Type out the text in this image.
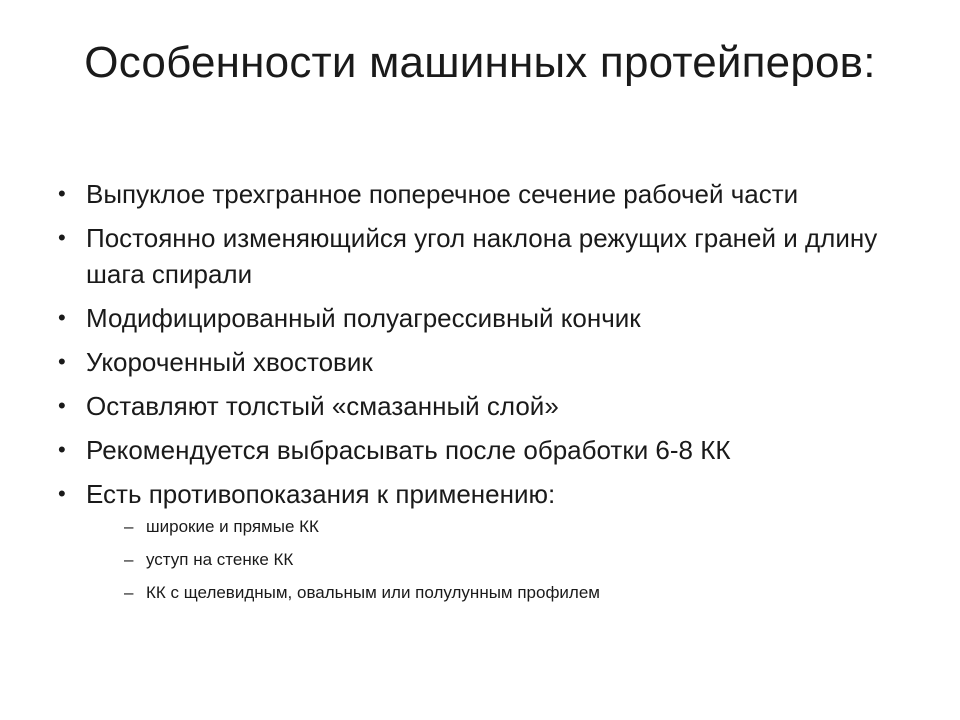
Особенности машинных протейперов:
• Выпуклое трехгранное поперечное сечение рабочей части
• Постоянно изменяющийся угол наклона режущих граней и длину шага спирали
• Модифицированный полуагрессивный кончик
• Укороченный хвостовик
• Оставляют толстый «смазанный слой»
• Рекомендуется выбрасывать после обработки 6-8 КК
• Есть противопоказания к применению:
– широкие и прямые КК
– уступ на стенке КК
– КК с щелевидным, овальным или полулунным профилем
